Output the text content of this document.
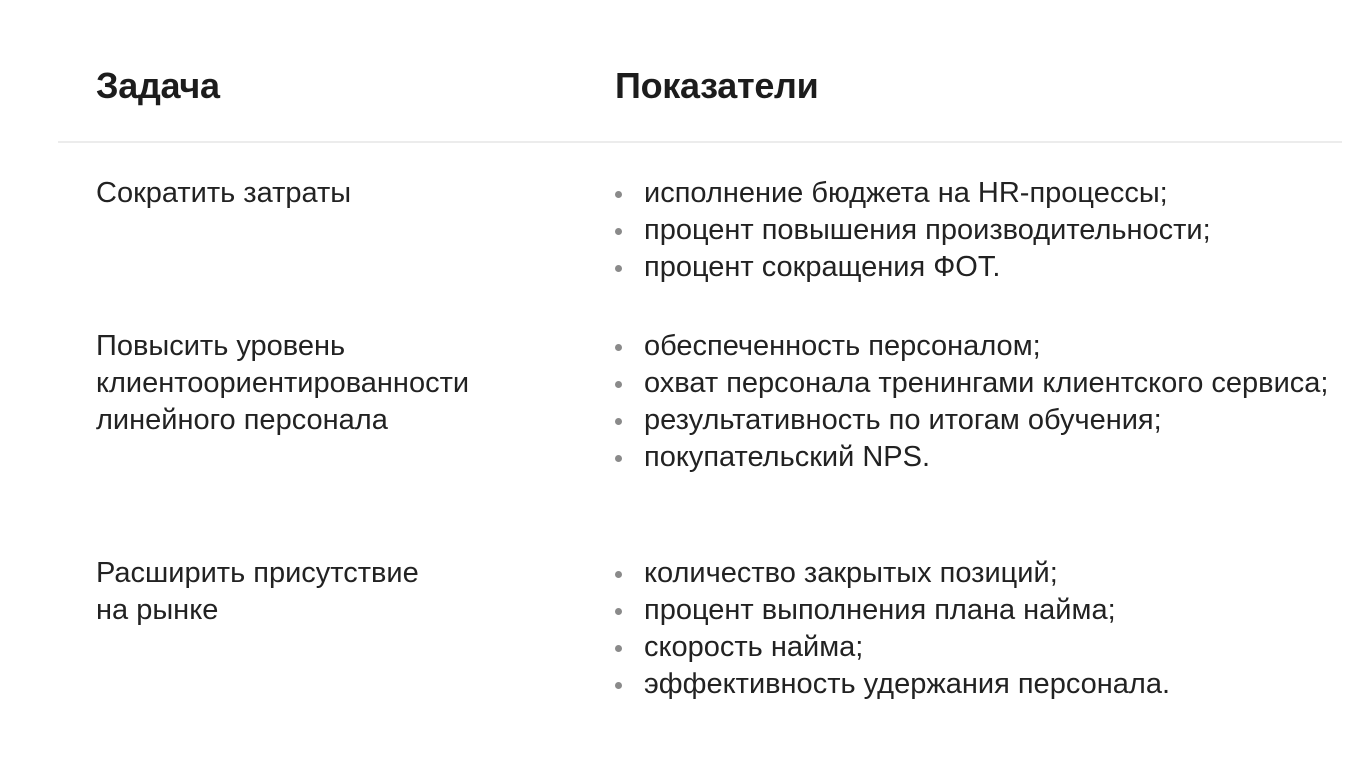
Задача	Показатели
Сократить затраты	исполнение бюджета на HR-процессы;
процент повышения производительности;
процент сокращения ФОТ.
Повысить уровень
клиентоориентированности
линейного персонала
обеспеченность персоналом;
охват персонала тренингами клиентского сервиса;
результативность по итогам обучения;
покупательский NPS.
Расширить присутствие
на рынке
количество закрытых позиций;
процент выполнения плана найма;
скорость найма;
эффективность удержания персонала.
